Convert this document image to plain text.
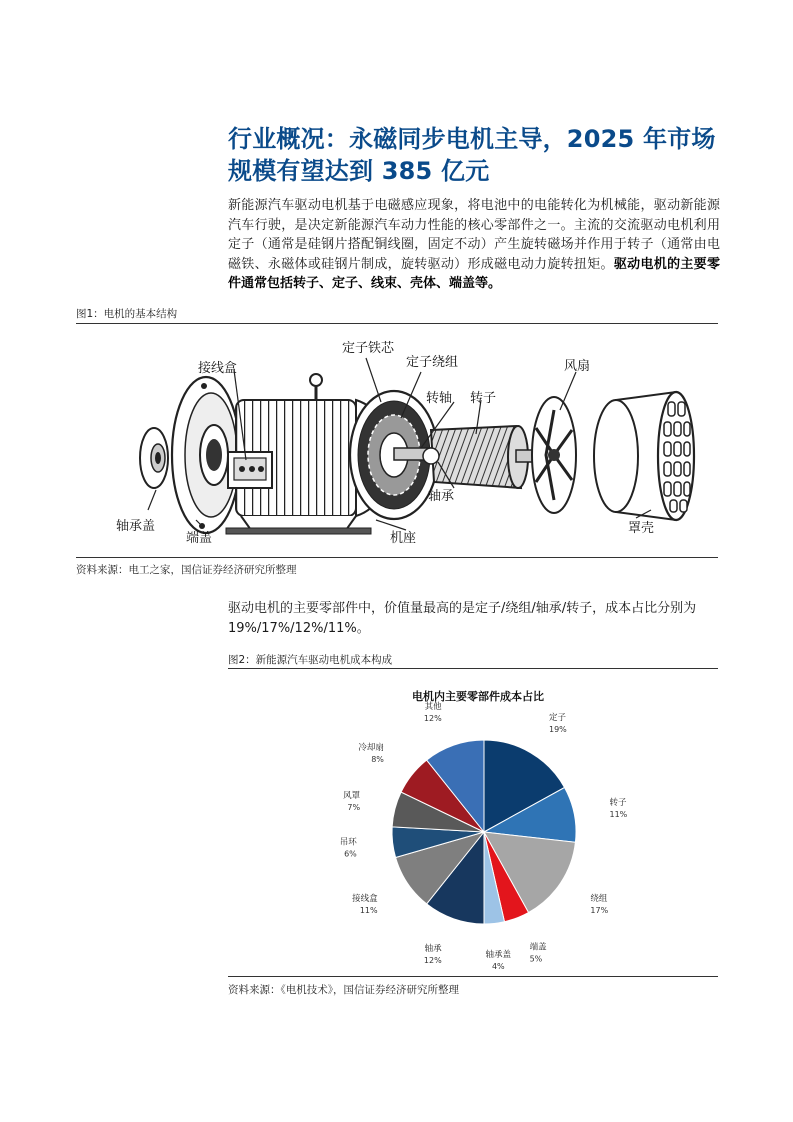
行业概况：永磁同步电机主导，2025 年市场规模有望达到 385 亿元
新能源汽车驱动电机基于电磁感应现象，将电池中的电能转化为机械能，驱动新能源汽车行驶，是决定新能源汽车动力性能的核心零部件之一。主流的交流驱动电机利用定子（通常是硅钢片搭配铜线圈，固定不动）产生旋转磁场并作用于转子（通常由电磁铁、永磁体或硅钢片制成，旋转驱动）形成磁电动力旋转扭矩。驱动电机的主要零件通常包括转子、定子、线束、壳体、端盖等。
图1：电机的基本结构
接线盒
定子铁芯
定子绕组
转轴 转子
风扇
轴承
轴承盖
端盖	机座
罩壳
资料来源：电工之家，国信证券经济研究所整理
驱动电机的主要零部件中，价值量最高的是定子/绕组/轴承/转子，成本占比分别为 19%/17%/12%/11%。
图2：新能源汽车驱动电机成本构成
电机内主要零部件成本占比
定子
19%
转子
11%
绕组
17%
端盖
5%
轴承盖
4%
轴承
12%
接线盒
11%
吊环
6%
风罩
7%
冷却扇
8%
其他
12%
资料来源：《电机技术》，国信证券经济研究所整理
